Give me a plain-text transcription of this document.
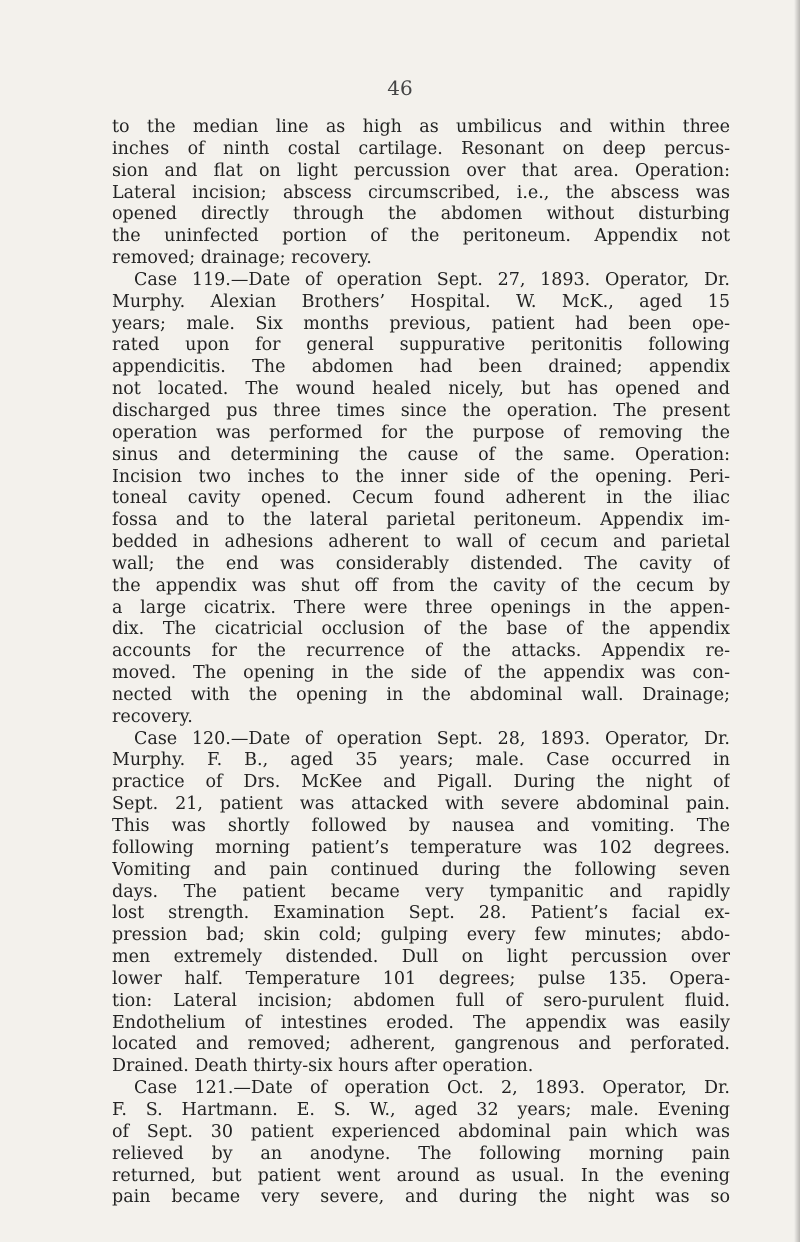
46
to the median line as high as umbilicus and within three
inches of ninth costal cartilage. Resonant on deep percus-
sion and flat on light percussion over that area. Operation:
Lateral incision; abscess circumscribed, i.e., the abscess was
opened directly through the abdomen without disturbing
the uninfected portion of the peritoneum. Appendix not
removed; drainage; recovery.
Case 119.—Date of operation Sept. 27, 1893. Operator, Dr.
Murphy. Alexian Brothers’ Hospital. W. McK., aged 15
years; male. Six months previous, patient had been ope-
rated upon for general suppurative peritonitis following
appendicitis. The abdomen had been drained; appendix
not located. The wound healed nicely, but has opened and
discharged pus three times since the operation. The present
operation was performed for the purpose of removing the
sinus and determining the cause of the same. Operation:
Incision two inches to the inner side of the opening. Peri-
toneal cavity opened. Cecum found adherent in the iliac
fossa and to the lateral parietal peritoneum. Appendix im-
bedded in adhesions adherent to wall of cecum and parietal
wall; the end was considerably distended. The cavity of
the appendix was shut off from the cavity of the cecum by
a large cicatrix. There were three openings in the appen-
dix. The cicatricial occlusion of the base of the appendix
accounts for the recurrence of the attacks. Appendix re-
moved. The opening in the side of the appendix was con-
nected with the opening in the abdominal wall. Drainage;
recovery.
Case 120.—Date of operation Sept. 28, 1893. Operator, Dr.
Murphy. F. B., aged 35 years; male. Case occurred in
practice of Drs. McKee and Pigall. During the night of
Sept. 21, patient was attacked with severe abdominal pain.
This was shortly followed by nausea and vomiting. The
following morning patient’s temperature was 102 degrees.
Vomiting and pain continued during the following seven
days. The patient became very tympanitic and rapidly
lost strength. Examination Sept. 28. Patient’s facial ex-
pression bad; skin cold; gulping every few minutes; abdo-
men extremely distended. Dull on light percussion over
lower half. Temperature 101 degrees; pulse 135. Opera-
tion: Lateral incision; abdomen full of sero-purulent fluid.
Endothelium of intestines eroded. The appendix was easily
located and removed; adherent, gangrenous and perforated.
Drained. Death thirty-six hours after operation.
Case 121.—Date of operation Oct. 2, 1893. Operator, Dr.
F. S. Hartmann. E. S. W., aged 32 years; male. Evening
of Sept. 30 patient experienced abdominal pain which was
relieved by an anodyne. The following morning pain
returned, but patient went around as usual. In the evening
pain became very severe, and during the night was so
